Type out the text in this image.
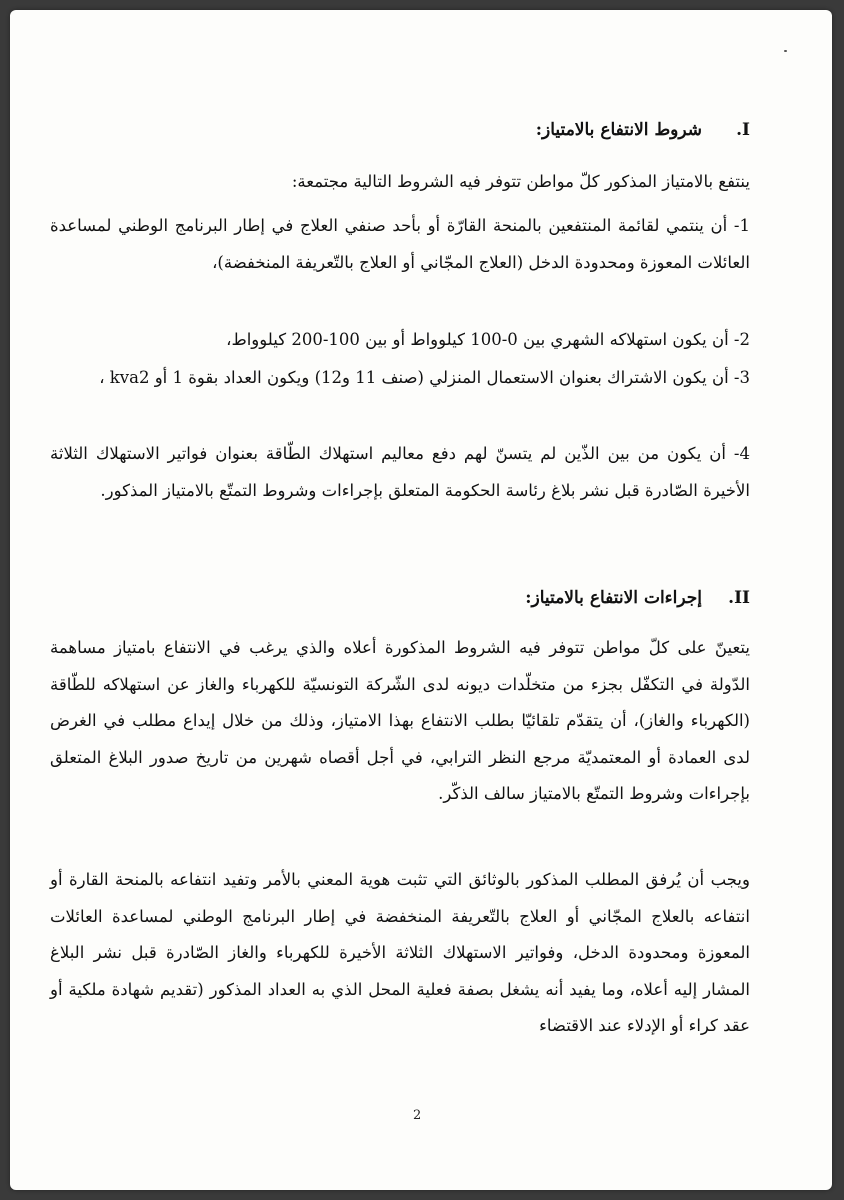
I.شروط الانتفاع بالامتياز:
ينتفع بالامتياز المذكور كلّ مواطن تتوفر فيه الشروط التالية مجتمعة:
1- أن ينتمي لقائمة المنتفعين بالمنحة القارّة أو بأحد صنفي العلاج في إطار البرنامج الوطني لمساعدة العائلات المعوزة ومحدودة الدخل (العلاج المجّاني أو العلاج بالتّعريفة المنخفضة)،
2- أن يكون استهلاكه الشهري بين 0-100 كيلوواط أو بين 100-200 كيلوواط،
3- أن يكون الاشتراك بعنوان الاستعمال المنزلي (صنف 11 و12) ويكون العداد بقوة 1 أو kva2 ،
4- أن يكون من بين الذّين لم يتسنّ لهم دفع معاليم استهلاك الطّاقة بعنوان فواتير الاستهلاك الثلاثة الأخيرة الصّادرة قبل نشر بلاغ رئاسة الحكومة المتعلق بإجراءات وشروط التمتّع بالامتياز المذكور.
II.إجراءات الانتفاع بالامتياز:
يتعينّ على كلّ مواطن تتوفر فيه الشروط المذكورة أعلاه والذي يرغب في الانتفاع بامتياز مساهمة الدّولة في التكفّل بجزء من متخلّدات ديونه لدى الشّركة التونسيّة للكهرباء والغاز عن استهلاكه للطّاقة (الكهرباء والغاز)، أن يتقدّم تلقائيّا بطلب الانتفاع بهذا الامتياز، وذلك من خلال إيداع مطلب في الغرض لدى العمادة أو المعتمديّة مرجع النظر الترابي، في أجل أقصاه شهرين من تاريخ صدور البلاغ المتعلق بإجراءات وشروط التمتّع بالامتياز سالف الذكّر.
ويجب أن يُرفق المطلب المذكور بالوثائق التي تثبت هوية المعني بالأمر وتفيد انتفاعه بالمنحة القارة أو انتفاعه بالعلاج المجّاني أو العلاج بالتّعريفة المنخفضة في إطار البرنامج الوطني لمساعدة العائلات المعوزة ومحدودة الدخل، وفواتير الاستهلاك الثلاثة الأخيرة للكهرباء والغاز الصّادرة قبل نشر البلاغ المشار إليه أعلاه، وما يفيد أنه يشغل بصفة فعلية المحل الذي به العداد المذكور (تقديم شهادة ملكية أو عقد كراء أو الإدلاء عند الاقتضاء
2
